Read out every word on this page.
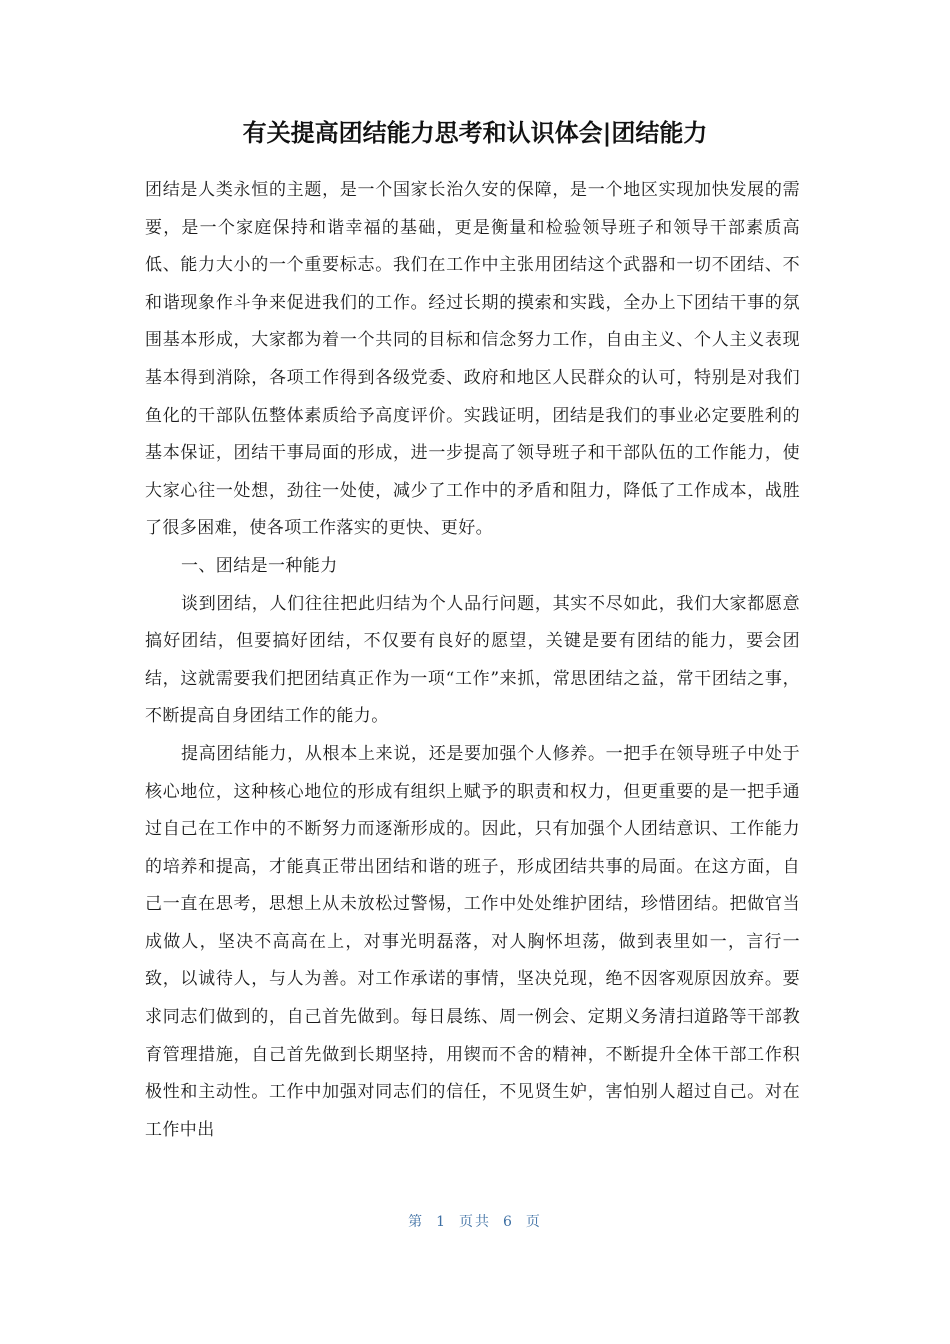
有关提高团结能力思考和认识体会|团结能力

团结是人类永恒的主题，是一个国家长治久安的保障，是一个地区实现加快发展的需要，是一个家庭保持和谐幸福的基础，更是衡量和检验领导班子和领导干部素质高低、能力大小的一个重要标志。我们在工作中主张用团结这个武器和一切不团结、不和谐现象作斗争来促进我们的工作。经过长期的摸索和实践，全办上下团结干事的氛围基本形成，大家都为着一个共同的目标和信念努力工作，自由主义、个人主义表现基本得到消除，各项工作得到各级党委、政府和地区人民群众的认可，特别是对我们鱼化的干部队伍整体素质给予高度评价。实践证明，团结是我们的事业必定要胜利的基本保证，团结干事局面的形成，进一步提高了领导班子和干部队伍的工作能力，使大家心往一处想，劲往一处使，减少了工作中的矛盾和阻力，降低了工作成本，战胜了很多困难，使各项工作落实的更快、更好。

一、团结是一种能力

谈到团结，人们往往把此归结为个人品行问题，其实不尽如此，我们大家都愿意搞好团结，但要搞好团结，不仅要有良好的愿望，关键是要有团结的能力，要会团结，这就需要我们把团结真正作为一项“工作”来抓，常思团结之益，常干团结之事，不断提高自身团结工作的能力。

提高团结能力，从根本上来说，还是要加强个人修养。一把手在领导班子中处于核心地位，这种核心地位的形成有组织上赋予的职责和权力，但更重要的是一把手通过自己在工作中的不断努力而逐渐形成的。因此，只有加强个人团结意识、工作能力的培养和提高，才能真正带出团结和谐的班子，形成团结共事的局面。在这方面，自己一直在思考，思想上从未放松过警惕，工作中处处维护团结，珍惜团结。把做官当成做人，坚决不高高在上，对事光明磊落，对人胸怀坦荡，做到表里如一，言行一致，以诚待人，与人为善。对工作承诺的事情，坚决兑现，绝不因客观原因放弃。要求同志们做到的，自己首先做到。每日晨练、周一例会、定期义务清扫道路等干部教育管理措施，自己首先做到长期坚持，用锲而不舍的精神，不断提升全体干部工作积极性和主动性。工作中加强对同志们的信任，不见贤生妒，害怕别人超过自己。对在工作中出

第 1 页共 6 页
